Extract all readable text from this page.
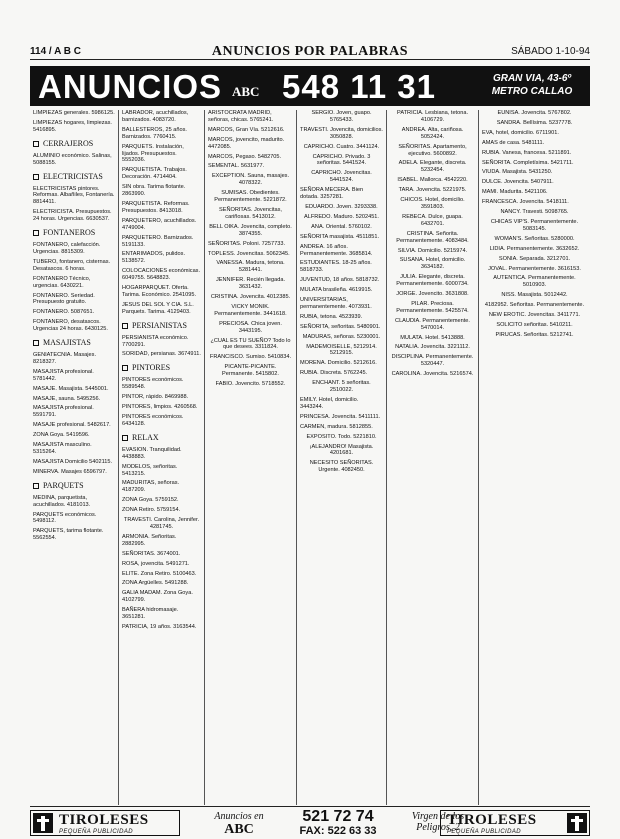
114 / A B C	ANUNCIOS POR PALABRAS	SÁBADO 1-10-94
ANUNCIOS ABC 548 11 31	GRAN VIA, 43-6º METRO CALLAO
LIMPIEZAS generales. 5986125.
LIMPIEZAS hogares, limpiezas. 5416895.
CERRAJEROS
ALUMINIO económico. Salinas, 5088155.
ELECTRICISTAS
ELECTRICISTAS pintores. Reformas. Albañiles, Fontanería. 8814411.
ELECTRICISTA. Presupuestos. 24 horas. Urgencias. 6630537.
FONTANEROS
FONTANERO, calefacción. Urgencias. 8815309.
TUBERO, fontanero, cisternas. Desatascos. 6 horas.
FONTANERO Técnico, urgencias. 6430221.
FONTANERO. Seriedad. Presupuesto gratuito.
FONTANERO. 5087651.
FONTANERO, desatascos. Urgencias 24 horas. 6430125.
MASAJISTAS
GENIATECNIA. Masajes. 8218327.
MASAJISTA profesional. 5781442.
MASAJE. Masajista. 5445001.
MASAJE, sauna. 5495256.
MASAJISTA profesional. 5591791.
MASAJE profesional. 5482617.
ZONA Goya. 5419596.
MASAJISTA masculino. 5315264.
MASAJISTA Domicilio 5402115.
MINERVA. Masajes 6596797.
PARQUETS
MEDINA, parquetista, acuchillados. 4181013.
PARQUETS económicos. 5498112.
PARQUETS, tarima flotante. 5562554.
LABRADOR, acuchillados, barnizados. 4083720.
BALLESTEROS, 25 años. Barnizados. 7760415.
PARQUETS. Instalación, lijados. Presupuestos. 5552036.
PARQUETISTA. Trabajos. Decoración. 4714404.
SIN obra. Tarima flotante. 2863990.
PARQUETISTA. Reformas. Presupuestos. 8413018.
PARQUETERO, acuchillados. 4749004.
PARQUETERO. Barnizados. 5191133.
ENTARIMADOS, pulidos. 5138572.
COLOCACIONES económicas. 6049755. 5648823.
HOGARPARQUET. Oferta. Tarima. Económico. 2541095.
JESUS DEL SOL Y CIA. S.L. Parquets. Tarima. 4129403.
PERSIANISTAS
PERSIANISTA económico. 7700291.
SORIDAD, persianas. 3674911.
PINTORES
PINTORES económicos. 5589548.
PINTOR, rápido. 8469988.
PINTORES, limpios. 4260568.
PINTORES económicos. 6434128.
RELAX
EVASION. Tranquilidad. 4438883.
MODELOS, señoritas. 5413215.
MADURITAS, señoras. 4187209.
ZONA Goya. 5759152.
ZONA Retiro. 5759154.
TRAVESTI. Carolina, Jennifer. 4281745.
ARMONIA. Señoritas. 2882995.
SEÑORITAS. 3674001.
ROSA, jovencita. 5491271.
ELITE. Zona Retiro. 5100463.
ZONA Argüelles. 5491288.
GALIA MADAM. Zona Goya. 4102799.
BAÑERA hidromasaje. 3651281.
PATRICIA, 19 años. 3163544.
ARISTOCRATA MADRID, señoras, chicas. 5765241.
MARCOS, Gran Vía. 5212616.
MARCOS, jovencito, madurito. 4472085.
MARCOS, Pegaso. 5482705.
SEMENTAL. 5631977.
EXCEPTION. Sauna, masajes. 4078322.
SUMISAS. Obedientes. Permanentemente. 5221872.
SEÑORITAS. Jovencitas, cariñosas. 5413012.
BELL OIKA. Jovencita, completo. 3874355.
SEÑORITAS. Poloni. 7257733.
TOPLESS. Jovencitas. 5062345.
VANESSA. Madura, tetona. 5281441.
JENNIFER. Recién llegada. 3631432.
CRISTINA. Jovencita. 4012385.
VICKY MONIK. Permanentemente. 3441618.
PRECIOSA. Chica joven. 3443195.
¿CUAL ES TU SUEÑO? Todo lo que desees. 3311824.
FRANCISCO. Sumiso. 5410834.
PICANTE-PICANTE. Permanente. 5415802.
FABIO. Jovencito. 5718552.
SERGIO. Joven, guapo. 5765433.
TRAVESTI. Jovencita, domicilios. 3050828.
CAPRICHO. Cuatro. 3441124.
CAPRICHO. Privado. 3 señoritas. 5441524.
CAPRICHO. Jovencitas. 5441524.
SEÑORA MECERA. Bien dotada. 3257281.
EDUARDO. Joven. 3293338.
ALFREDO. Maduro. 5202451.
ANA. Oriental. 5760102.
SEÑORITA masajista. 4511851.
ANDREA. 16 años. Permanentemente. 3685814.
ESTUDIANTES. 18-25 años. 5818733.
JUVENTUD, 18 años. 5818732.
MULATA brasileña. 4619915.
UNIVERSITARIAS, permanentemente. 4073931.
RUBIA, tetona. 4523939.
SEÑORITA, señoritas. 5480901.
MADURAS, señoras. 5230001.
MADEMOISELLE, 5212914. 5212915.
MORENA. Domicilio. 5212616.
RUBIA. Discreta. 5762245.
ENCHANT. 5 señoritas. 2510022.
EMILY. Hotel, domicilio. 3443244.
PRINCESA. Jovencita. 5411111.
CARMEN, madura. 5812855.
EXPOSITO. Todo. 5221810.
¡ALEJANDRO! Masajista. 4201681.
NECESITO SEÑORITAS. Urgente. 4082450.
PATRICIA. Lesbiana, tetona. 4106729.
ANDREA. Alta, cariñosa. 5052424.
SEÑORITAS. Apartamento, ejecutivo. 5600892.
ADELA. Elegante, discreta. 5232454.
ISABEL. Mallorca. 4542220.
TARA. Jovencita. 5221975.
CHICOS. Hotel, domicilio. 3591803.
REBECA. Dulce, guapa. 6432701.
CRISTINA. Señorita. Permanentemente. 4083484.
SILVIA. Domicilio. 5215974.
SUSANA. Hotel, domicilio. 3634182.
JULIA. Elegante, discreta. Permanentemente. 6000734.
JORGE. Jovencito. 3631808.
PILAR. Preciosa. Permanentemente. 5425574.
CLAUDIA. Permanentemente. 5470014.
MULATA. Hotel. 5413888.
NATALIA. Jovencita. 3221112.
DISCIPLINA. Permanentemente. 5320447.
CAROLINA. Jovencita. 5216574.
EUNISA. Jovencita. 5767802.
SANDRA. Bellísima. 5237778.
EVA, hotel, domicilio. 6711901.
AMAS de casa. 5481111.
RUBIA. Vanesa, francesa. 5211891.
SEÑORITA. Completísima. 5421711.
VIUDA. Masajista. 5431250.
DULCE. Jovencita. 5407911.
MAMI. Madurita. 5421106.
FRANCESCA. Jovencita. 5418111.
NANCY. Travesti. 5098765.
CHICAS VIP'S. Permanentemente. 5083145.
WOMAN'S. Señoritas. 5280000.
LIDIA. Permanentemente. 3632652.
SONIA. Separada. 3212701.
JOVAL. Permanentemente. 3616153.
AUTENTICA. Permanentemente. 5010903.
NISS. Masajista. 5012442.
4182952. Señoritas. Permanentemente.
NEW EROTIC. Jovencitas. 3411771.
SOLICITO señoritas. 5410211.
PIRUCAS. Señoritas. 5212741.
TIROLESES
PEQUEÑA PUBLICIDAD
Anuncios en
ABC
521 72 74
FAX: 522 63 33
Virgen de los Peligros, 2
TIROLESES
PEQUEÑA PUBLICIDAD
